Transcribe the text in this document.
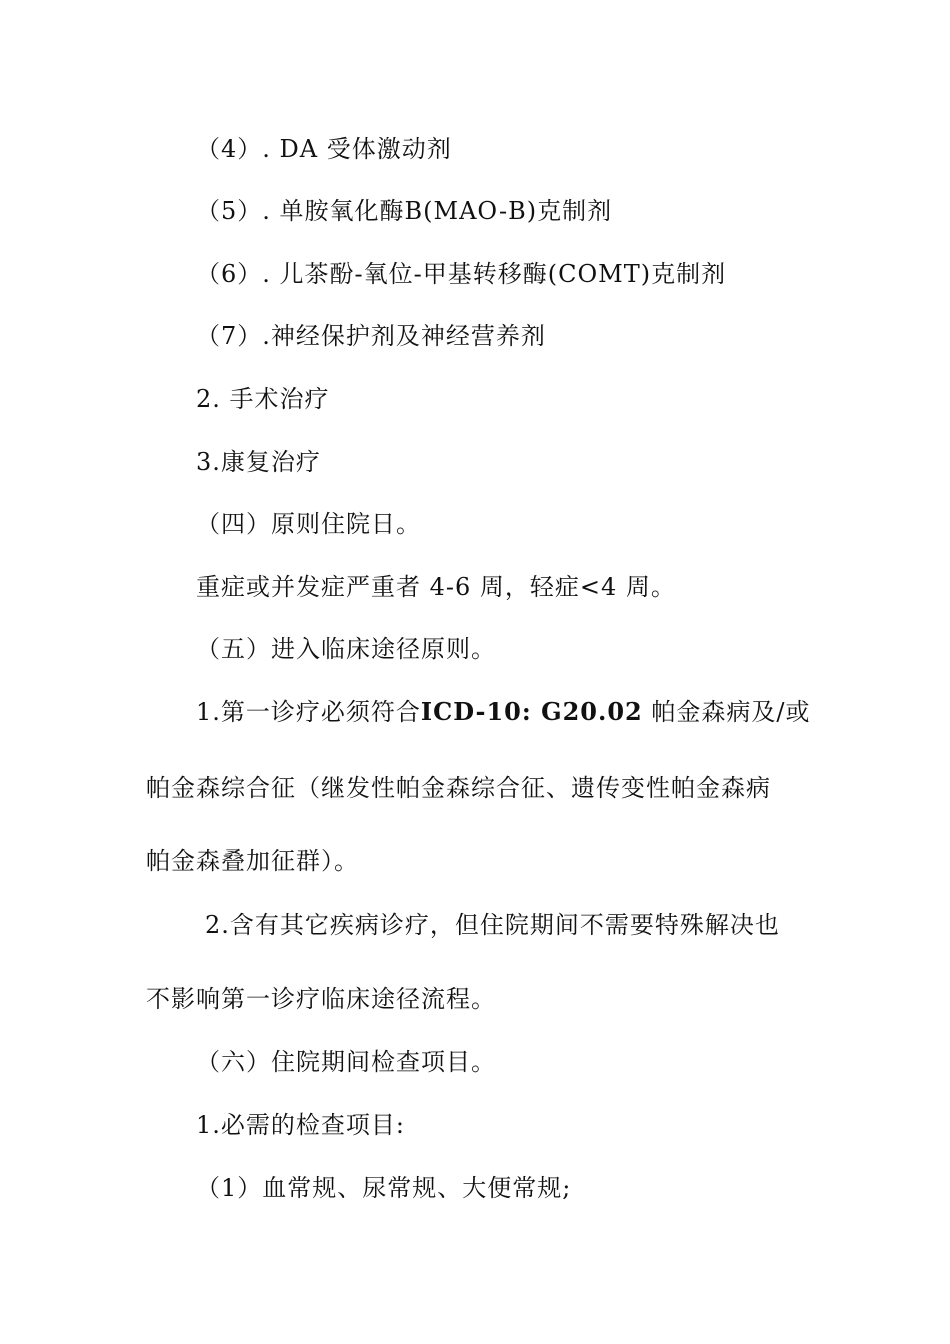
（4）. DA 受体激动剂

（5）. 单胺氧化酶B(MAO-B)克制剂

（6）. 儿茶酚-氧位-甲基转移酶(COMT)克制剂

（7）.神经保护剂及神经营养剂

2. 手术治疗

3.康复治疗

（四）原则住院日。

重症或并发症严重者 4-6 周，轻症<4 周。

（五）进入临床途径原则。

1.第一诊疗必须符合ICD-10: G20.02 帕金森病及/或

帕金森综合征（继发性帕金森综合征、遗传变性帕金森病

帕金森叠加征群）。

2.含有其它疾病诊疗，但住院期间不需要特殊解决也

不影响第一诊疗临床途径流程。

（六）住院期间检查项目。

1.必需的检查项目:

（1）血常规、尿常规、大便常规;
